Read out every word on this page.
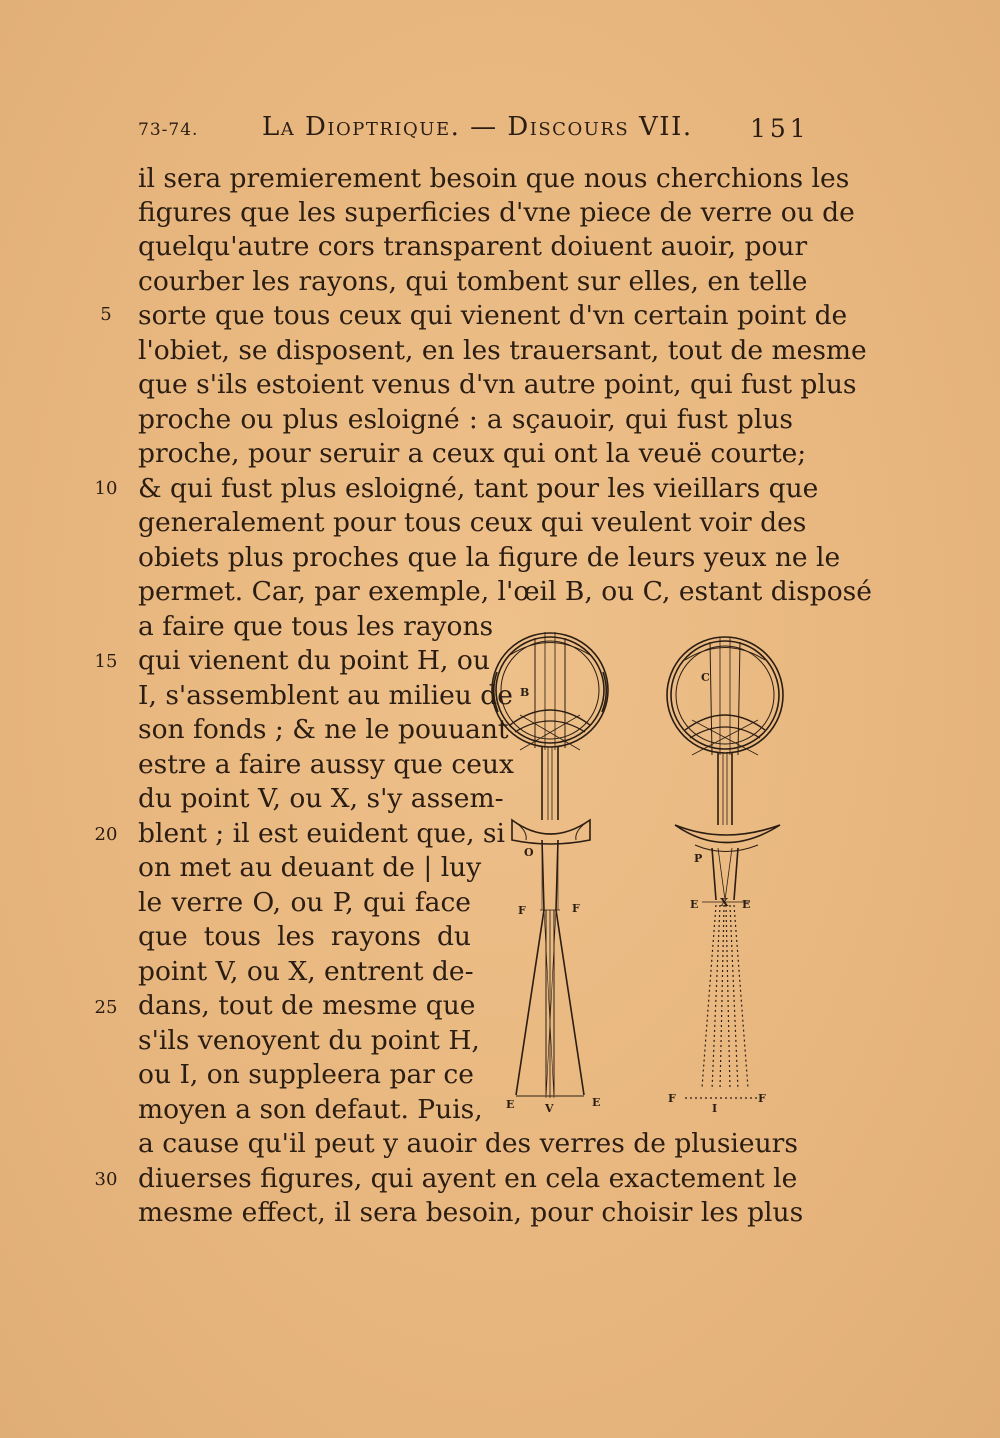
73-74. La Dioptrique. — Discours VII. 151
il sera premierement besoin que nous cherchions les
figures que les superficies d'vne piece de verre ou de
quelqu'autre cors transparent doiuent auoir, pour
courber les rayons, qui tombent sur elles, en telle
sorte que tous ceux qui vienent d'vn certain point de
l'obiet, se disposent, en les trauersant, tout de mesme
que s'ils estoient venus d'vn autre point, qui fust plus
proche ou plus esloigné : a sçauoir, qui fust plus
proche, pour seruir a ceux qui ont la veuë courte;
& qui fust plus esloigné, tant pour les vieillars que
generalement pour tous ceux qui veulent voir des
obiets plus proches que la figure de leurs yeux ne le
permet. Car, par exemple, l'œil B, ou C, estant disposé
a faire que tous les rayons
qui vienent du point H, ou
I, s'assemblent au milieu de
son fonds ; & ne le pouuant
estre a faire aussy que ceux
du point V, ou X, s'y assem-
blent ; il est euident que, si
on met au deuant de | luy
le verre O, ou P, qui face
que tous les rayons du
point V, ou X, entrent de-
dans, tout de mesme que
s'ils venoyent du point H,
ou I, on suppleera par ce
moyen a son defaut. Puis,
a cause qu'il peut y auoir des verres de plusieurs
diuerses figures, qui ayent en cela exactement le
mesme effect, il sera besoin, pour choisir les plus
5
10
15
20
25
30
B
O
F	F
E	V	E
C
P
E X E
F
I
F
